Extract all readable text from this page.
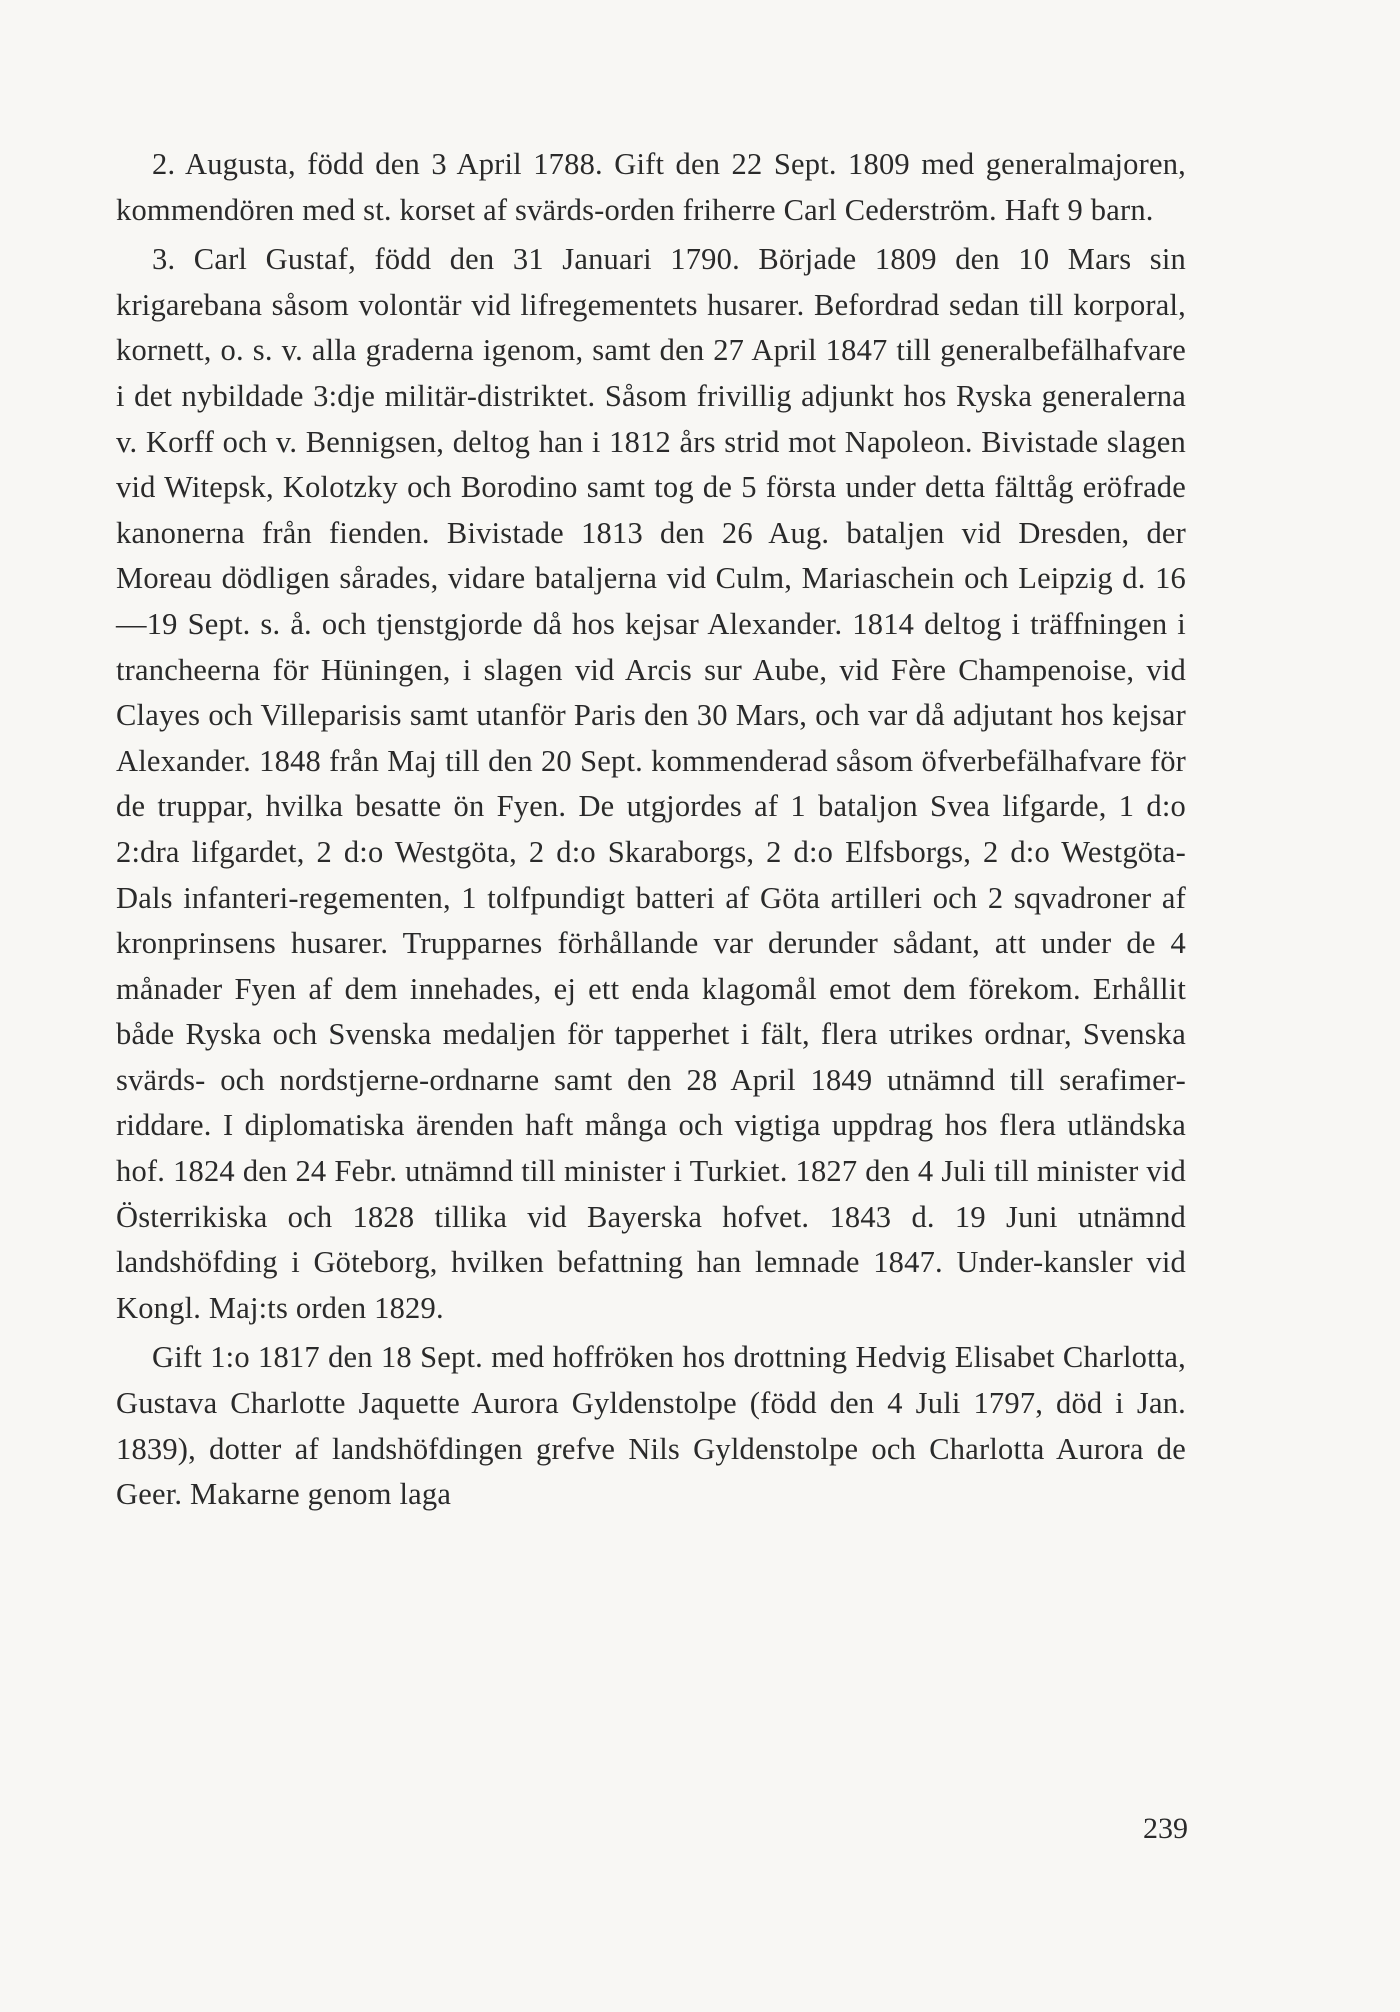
2. Augusta, född den 3 April 1788. Gift den 22 Sept. 1809 med generalmajoren, kommendören med st. korset af svärds-orden friherre Carl Cederström. Haft 9 barn.

3. Carl Gustaf, född den 31 Januari 1790. Började 1809 den 10 Mars sin krigarebana såsom volontär vid lifregementets husarer. Befordrad sedan till korporal, kornett, o. s. v. alla graderna igenom, samt den 27 April 1847 till generalbefälhafvare i det nybildade 3:dje militär-distriktet. Såsom frivillig adjunkt hos Ryska generalerna v. Korff och v. Bennigsen, deltog han i 1812 års strid mot Napoleon. Bivistade slagen vid Witepsk, Kolotzky och Borodino samt tog de 5 första under detta fälttåg eröfrade kanonerna från fienden. Bivistade 1813 den 26 Aug. bataljen vid Dresden, der Moreau dödligen sårades, vidare bataljerna vid Culm, Mariaschein och Leipzig d. 16—19 Sept. s. å. och tjenstgjorde då hos kejsar Alexander. 1814 deltog i träffningen i trancheerna för Hüningen, i slagen vid Arcis sur Aube, vid Fère Champenoise, vid Clayes och Villeparisis samt utanför Paris den 30 Mars, och var då adjutant hos kejsar Alexander. 1848 från Maj till den 20 Sept. kommenderad såsom öfverbefälhafvare för de truppar, hvilka besatte ön Fyen. De utgjordes af 1 bataljon Svea lifgarde, 1 d:o 2:dra lifgardet, 2 d:o Westgöta, 2 d:o Skaraborgs, 2 d:o Elfsborgs, 2 d:o Westgöta-Dals infanteri-regementen, 1 tolfpundigt batteri af Göta artilleri och 2 sqvadroner af kronprinsens husarer. Trupparnes förhållande var derunder sådant, att under de 4 månader Fyen af dem innehades, ej ett enda klagomål emot dem förekom. Erhållit både Ryska och Svenska medaljen för tapperhet i fält, flera utrikes ordnar, Svenska svärds- och nordstjerne-ordnarne samt den 28 April 1849 utnämnd till serafimer-riddare. I diplomatiska ärenden haft många och vigtiga uppdrag hos flera utländska hof. 1824 den 24 Febr. utnämnd till minister i Turkiet. 1827 den 4 Juli till minister vid Österrikiska och 1828 tillika vid Bayerska hofvet. 1843 d. 19 Juni utnämnd landshöfding i Göteborg, hvilken befattning han lemnade 1847. Under-kansler vid Kongl. Maj:ts orden 1829.

Gift 1:o 1817 den 18 Sept. med hoffröken hos drottning Hedvig Elisabet Charlotta, Gustava Charlotte Jaquette Aurora Gyldenstolpe (född den 4 Juli 1797, död i Jan. 1839), dotter af landshöfdingen grefve Nils Gyldenstolpe och Charlotta Aurora de Geer. Makarne genom laga

239
